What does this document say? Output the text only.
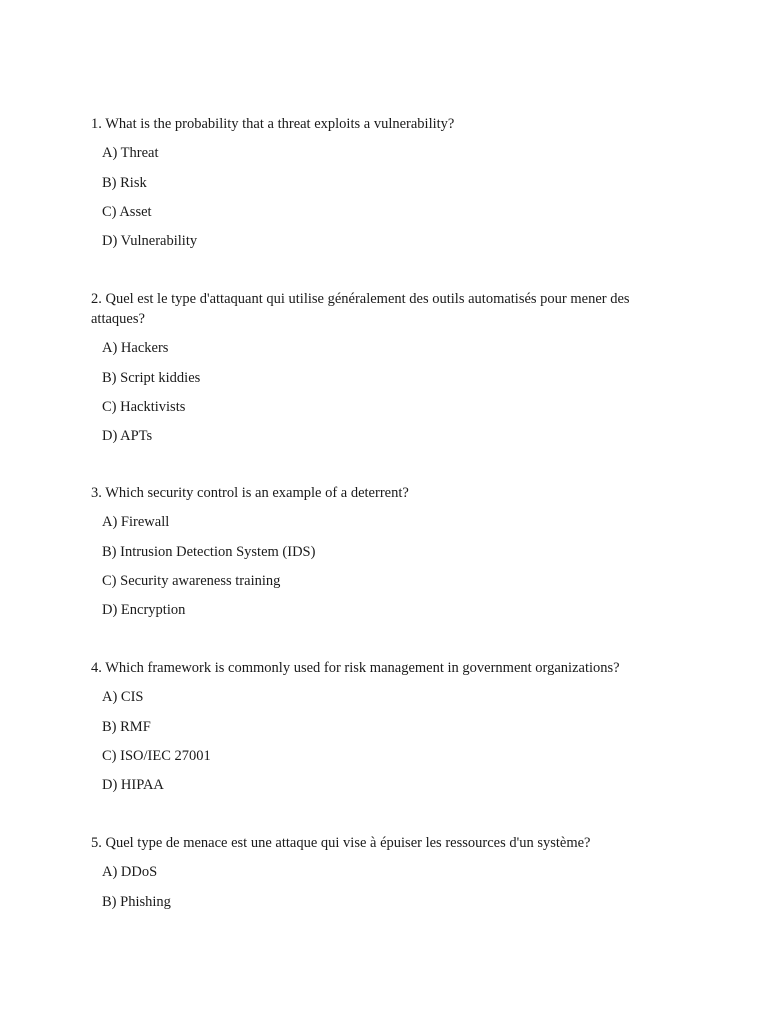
1. What is the probability that a threat exploits a vulnerability?

A) Threat

B) Risk

C) Asset

D) Vulnerability

2. Quel est le type d'attaquant qui utilise généralement des outils automatisés pour mener des attaques?

A) Hackers

B) Script kiddies

C) Hacktivists

D) APTs

3. Which security control is an example of a deterrent?

A) Firewall

B) Intrusion Detection System (IDS)

C) Security awareness training

D) Encryption

4. Which framework is commonly used for risk management in government organizations?

A) CIS

B) RMF

C) ISO/IEC 27001

D) HIPAA

5. Quel type de menace est une attaque qui vise à épuiser les ressources d'un système?

A) DDoS

B) Phishing
